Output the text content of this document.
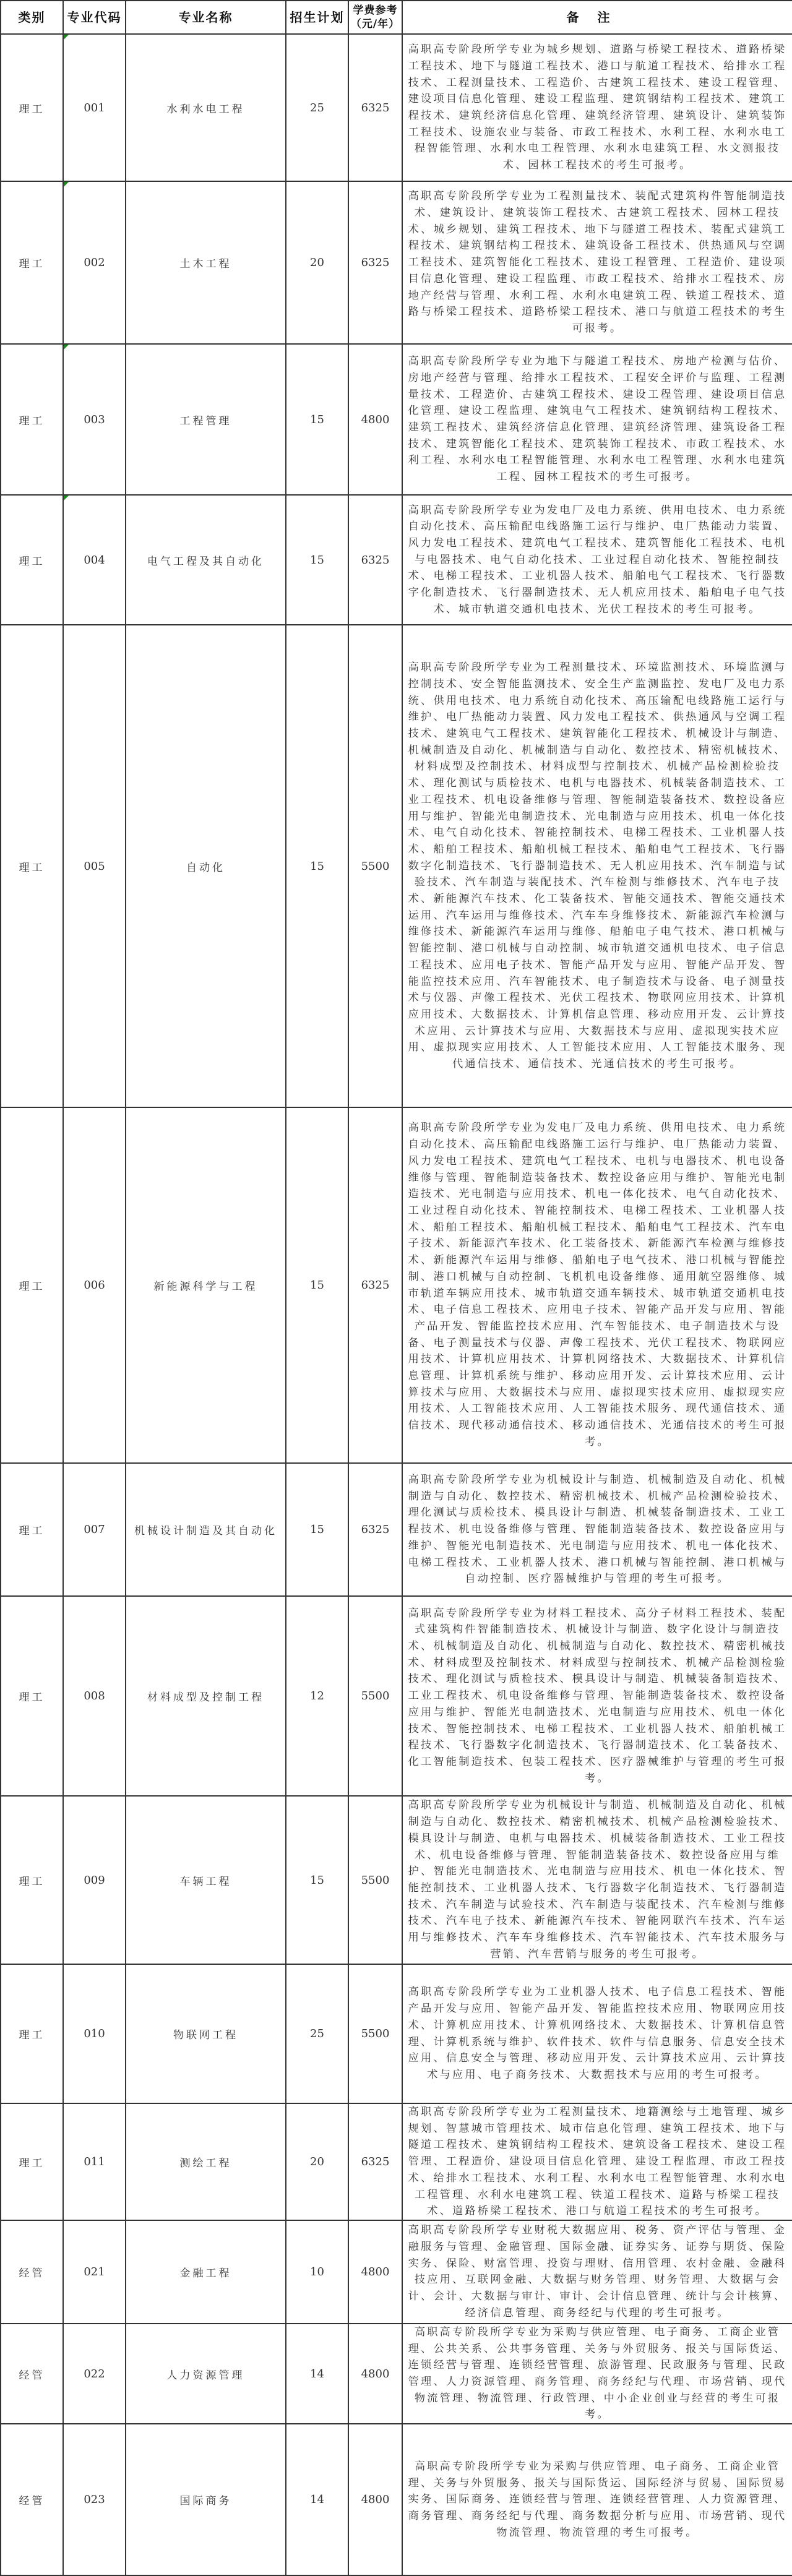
类别	专业代码	专业名称	招生计划	学费参考
（元/年）	备注
理工	001	水利水电工程	25	6325	高职高专阶段所学专业为城乡规划、道路与桥梁工程技术、道路桥梁工程技术、地下与隧道工程技术、港口与航道工程技术、给排水工程技术、工程测量技术、工程造价、古建筑工程技术、建设工程管理、建设项目信息化管理、建设工程监理、建筑钢结构工程技术、建筑工程技术、建筑经济信息化管理、建筑经济管理、建筑设计、建筑装饰工程技术、设施农业与装备、市政工程技术、水利工程、水利水电工程智能管理、水利水电工程管理、水利水电建筑工程、水文测报技术、园林工程技术的考生可报考。
理工	002	土木工程	20	6325	高职高专阶段所学专业为工程测量技术、装配式建筑构件智能制造技术、建筑设计、建筑装饰工程技术、古建筑工程技术、园林工程技术、城乡规划、建筑工程技术、地下与隧道工程技术、装配式建筑工程技术、建筑钢结构工程技术、建筑设备工程技术、供热通风与空调工程技术、建筑智能化工程技术、建设工程管理、工程造价、建设项目信息化管理、建设工程监理、市政工程技术、给排水工程技术、房地产经营与管理、水利工程、水利水电建筑工程、铁道工程技术、道路与桥梁工程技术、道路桥梁工程技术、港口与航道工程技术的考生可报考。
理工	003	工程管理	15	4800	高职高专阶段所学专业为地下与隧道工程技术、房地产检测与估价、房地产经营与管理、给排水工程技术、工程安全评价与监理、工程测量技术、工程造价、古建筑工程技术、建设工程管理、建设项目信息化管理、建设工程监理、建筑电气工程技术、建筑钢结构工程技术、建筑工程技术、建筑经济信息化管理、建筑经济管理、建筑设备工程技术、建筑智能化工程技术、建筑装饰工程技术、市政工程技术、水利工程、水利水电工程智能管理、水利水电工程管理、水利水电建筑工程、园林工程技术的考生可报考。
理工	004	电气工程及其自动化	15	6325	高职高专阶段所学专业为发电厂及电力系统、供用电技术、电力系统自动化技术、高压输配电线路施工运行与维护、电厂热能动力装置、风力发电工程技术、建筑电气工程技术、建筑智能化工程技术、电机与电器技术、电气自动化技术、工业过程自动化技术、智能控制技术、电梯工程技术、工业机器人技术、船舶电气工程技术、飞行器数字化制造技术、飞行器制造技术、无人机应用技术、船舶电子电气技术、城市轨道交通机电技术、光伏工程技术的考生可报考。
理工	005	自动化	15	5500	高职高专阶段所学专业为工程测量技术、环境监测技术、环境监测与控制技术、安全智能监测技术、安全生产监测监控、发电厂及电力系统、供用电技术、电力系统自动化技术、高压输配电线路施工运行与维护、电厂热能动力装置、风力发电工程技术、供热通风与空调工程技术、建筑电气工程技术、建筑智能化工程技术、机械设计与制造、机械制造及自动化、机械制造与自动化、数控技术、精密机械技术、材料成型及控制技术、材料成型与控制技术、机械产品检测检验技术、理化测试与质检技术、电机与电器技术、机械装备制造技术、工业工程技术、机电设备维修与管理、智能制造装备技术、数控设备应用与维护、智能光电制造技术、光电制造与应用技术、机电一体化技术、电气自动化技术、智能控制技术、电梯工程技术、工业机器人技术、船舶工程技术、船舶机械工程技术、船舶电气工程技术、飞行器数字化制造技术、飞行器制造技术、无人机应用技术、汽车制造与试验技术、汽车制造与装配技术、汽车检测与维修技术、汽车电子技术、新能源汽车技术、化工装备技术、智能交通技术、智能交通技术运用、汽车运用与维修技术、汽车车身维修技术、新能源汽车检测与维修技术、新能源汽车运用与维修、船舶电子电气技术、港口机械与智能控制、港口机械与自动控制、城市轨道交通机电技术、电子信息工程技术、应用电子技术、智能产品开发与应用、智能产品开发、智能监控技术应用、汽车智能技术、电子制造技术与设备、电子测量技术与仪器、声像工程技术、光伏工程技术、物联网应用技术、计算机应用技术、大数据技术、计算机信息管理、移动应用开发、云计算技术应用、云计算技术与应用、大数据技术与应用、虚拟现实技术应用、虚拟现实应用技术、人工智能技术应用、人工智能技术服务、现代通信技术、通信技术、光通信技术的考生可报考。
理工	006	新能源科学与工程	15	6325	高职高专阶段所学专业为发电厂及电力系统、供用电技术、电力系统自动化技术、高压输配电线路施工运行与维护、电厂热能动力装置、风力发电工程技术、建筑电气工程技术、电机与电器技术、机电设备维修与管理、智能制造装备技术、数控设备应用与维护、智能光电制造技术、光电制造与应用技术、机电一体化技术、电气自动化技术、工业过程自动化技术、智能控制技术、电梯工程技术、工业机器人技术、船舶工程技术、船舶机械工程技术、船舶电气工程技术、汽车电子技术、新能源汽车技术、化工装备技术、新能源汽车检测与维修技术、新能源汽车运用与维修、船舶电子电气技术、港口机械与智能控制、港口机械与自动控制、飞机机电设备维修、通用航空器维修、城市轨道车辆应用技术、城市轨道交通车辆技术、城市轨道交通机电技术、电子信息工程技术、应用电子技术、智能产品开发与应用、智能产品开发、智能监控技术应用、汽车智能技术、电子制造技术与设备、电子测量技术与仪器、声像工程技术、光伏工程技术、物联网应用技术、计算机应用技术、计算机网络技术、大数据技术、计算机信息管理、计算机系统与维护、移动应用开发、云计算技术应用、云计算技术与应用、大数据技术与应用、虚拟现实技术应用、虚拟现实应用技术、人工智能技术应用、人工智能技术服务、现代通信技术、通信技术、现代移动通信技术、移动通信技术、光通信技术的考生可报考。
理工	007	机械设计制造及其自动化	15	6325	高职高专阶段所学专业为机械设计与制造、机械制造及自动化、机械制造与自动化、数控技术、精密机械技术、机械产品检测检验技术、理化测试与质检技术、模具设计与制造、机械装备制造技术、工业工程技术、机电设备维修与管理、智能制造装备技术、数控设备应用与维护、智能光电制造技术、光电制造与应用技术、机电一体化技术、电梯工程技术、工业机器人技术、港口机械与智能控制、港口机械与自动控制、医疗器械维护与管理的考生可报考。
理工	008	材料成型及控制工程	12	5500	高职高专阶段所学专业为材料工程技术、高分子材料工程技术、装配式建筑构件智能制造技术、机械设计与制造、数字化设计与制造技术、机械制造及自动化、机械制造与自动化、数控技术、精密机械技术、材料成型及控制技术、材料成型与控制技术、机械产品检测检验技术、理化测试与质检技术、模具设计与制造、机械装备制造技术、工业工程技术、机电设备维修与管理、智能制造装备技术、数控设备应用与维护、智能光电制造技术、光电制造与应用技术、机电一体化技术、智能控制技术、电梯工程技术、工业机器人技术、船舶机械工程技术、飞行器数字化制造技术、飞行器制造技术、化工装备技术、化工智能制造技术、包装工程技术、医疗器械维护与管理的考生可报考。
理工	009	车辆工程	15	5500	高职高专阶段所学专业为机械设计与制造、机械制造及自动化、机械制造与自动化、数控技术、精密机械技术、机械产品检测检验技术、模具设计与制造、电机与电器技术、机械装备制造技术、工业工程技术、机电设备维修与管理、智能制造装备技术、数控设备应用与维护、智能光电制造技术、光电制造与应用技术、机电一体化技术、智能控制技术、工业机器人技术、飞行器数字化制造技术、飞行器制造技术、汽车制造与试验技术、汽车制造与装配技术、汽车检测与维修技术、汽车电子技术、新能源汽车技术、智能网联汽车技术、汽车运用与维修技术、汽车车身维修技术、汽车智能技术、汽车技术服务与营销、汽车营销与服务的考生可报考。
理工	010	物联网工程	25	5500	高职高专阶段所学专业为工业机器人技术、电子信息工程技术、智能产品开发与应用、智能产品开发、智能监控技术应用、物联网应用技术、计算机应用技术、计算机网络技术、大数据技术、计算机信息管理、计算机系统与维护、软件技术、软件与信息服务、信息安全技术应用、信息安全与管理、移动应用开发、云计算技术应用、云计算技术与应用、电子商务技术、大数据技术与应用的考生可报考。
理工	011	测绘工程	20	6325	高职高专阶段所学专业为工程测量技术、地籍测绘与土地管理、城乡规划、智慧城市管理技术、城市信息化管理、建筑工程技术、地下与隧道工程技术、建筑钢结构工程技术、建筑设备工程技术、建设工程管理、工程造价、建设项目信息化管理、建设工程监理、市政工程技术、给排水工程技术、水利工程、水利水电工程智能管理、水利水电工程管理、水利水电建筑工程、铁道工程技术、道路与桥梁工程技术、道路桥梁工程技术、港口与航道工程技术的考生可报考。
经管	021	金融工程	10	4800	高职高专阶段所学专业财税大数据应用、税务、资产评估与管理、金融服务与管理、金融管理、国际金融、证券实务、证券与期货、保险实务、保险、财富管理、投资与理财、信用管理、农村金融、金融科技应用、互联网金融、大数据与财务管理、财务管理、大数据与会计、会计、大数据与审计、审计、会计信息管理、统计与会计核算、经济信息管理、商务经纪与代理的考生可报考。
经管	022	人力资源管理	14	4800	高职高专阶段所学专业为采购与供应管理、电子商务、工商企业管理、公共关系、公共事务管理、关务与外贸服务、报关与国际货运、连锁经营与管理、连锁经营管理、旅游管理、民政服务与管理、民政管理、人力资源管理、商务管理、商务经纪与代理、市场营销、现代物流管理、物流管理、行政管理、中小企业创业与经营的考生可报考。
经管	023	国际商务	14	4800	高职高专阶段所学专业为采购与供应管理、电子商务、工商企业管理、关务与外贸服务、报关与国际货运、国际经济与贸易、国际贸易实务、国际商务、连锁经营与管理、连锁经营管理、人力资源管理、商务管理、商务经纪与代理、商务数据分析与应用、市场营销、现代物流管理、物流管理的考生可报考。
